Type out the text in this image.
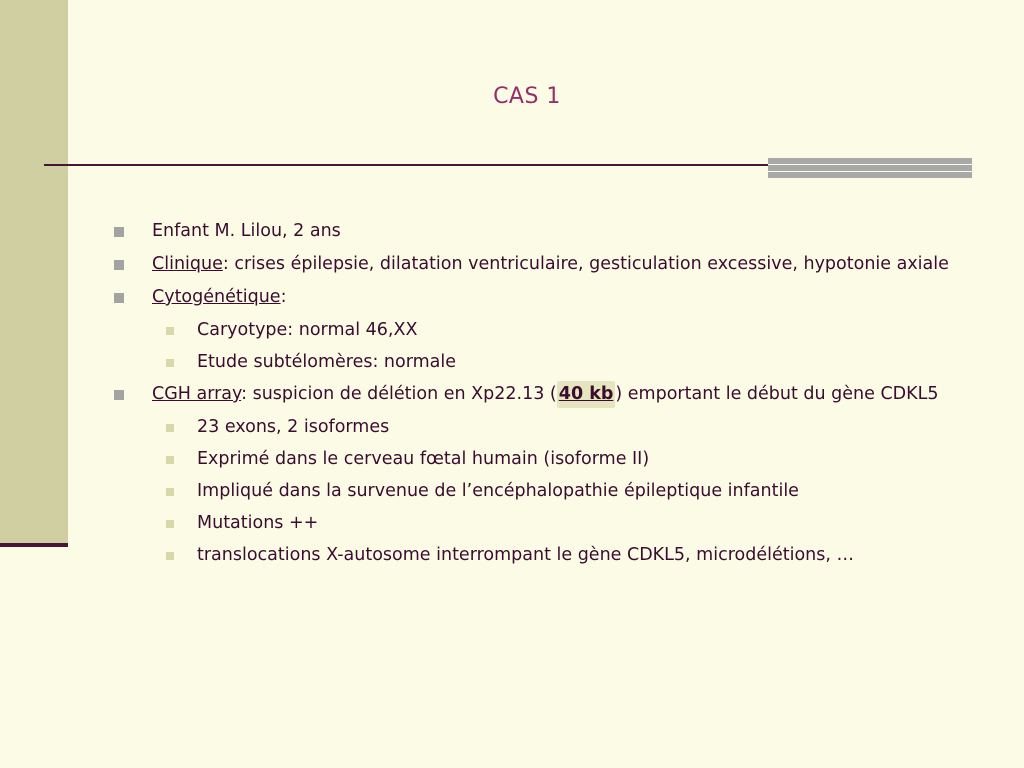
CAS 1
Enfant M. Lilou, 2 ans
Clinique: crises épilepsie, dilatation ventriculaire, gesticulation excessive, hypotonie axiale
Cytogénétique:
Caryotype: normal 46,XX
Etude subtélomères: normale
CGH array: suspicion de délétion en Xp22.13 ( 40 kb ) emportant le début du gène CDKL5
23 exons, 2 isoformes
Exprimé dans le cerveau fœtal humain (isoforme II)
Impliqué dans la survenue de l’encéphalopathie épileptique infantile
Mutations ++
translocations X-autosome interrompant le gène CDKL5, microdélétions, …
